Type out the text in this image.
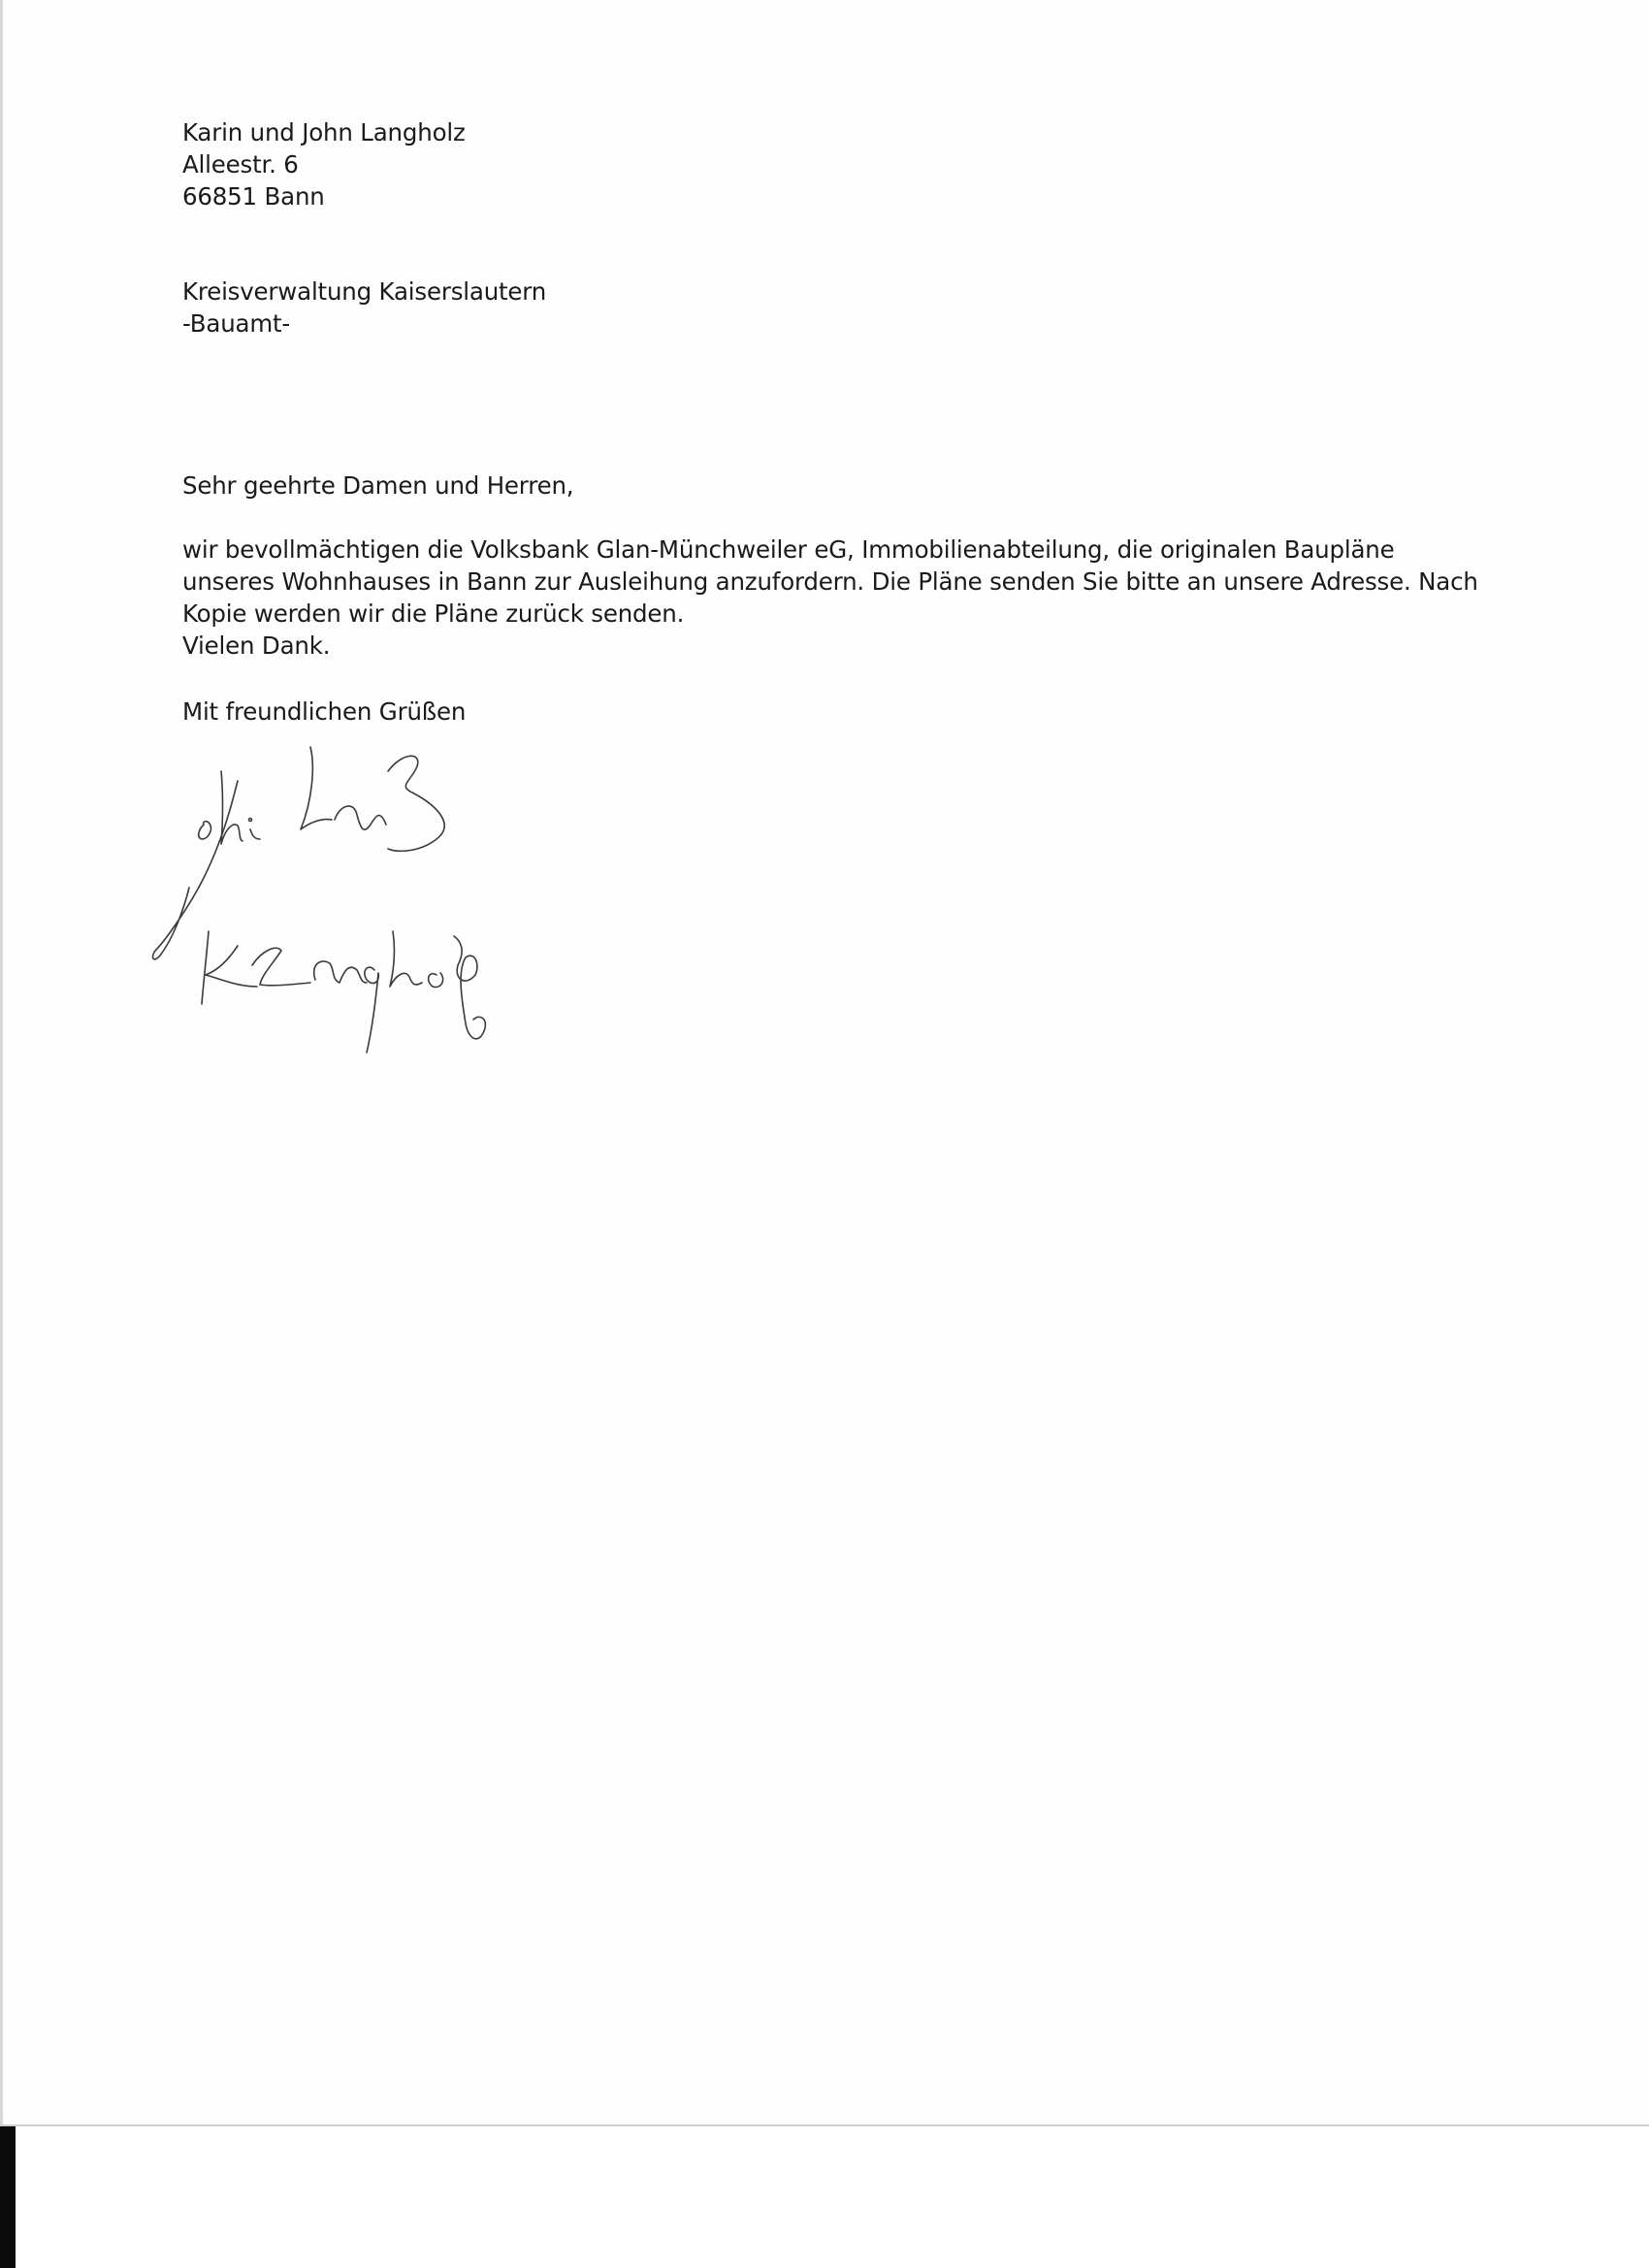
Karin und John Langholz
Alleestr. 6
66851 Bann
Kreisverwaltung Kaiserslautern
-Bauamt-
Sehr geehrte Damen und Herren,
wir bevollmächtigen die Volksbank Glan-Münchweiler eG, Immobilienabteilung, die originalen Baupläne
unseres Wohnhauses in Bann zur Ausleihung anzufordern. Die Pläne senden Sie bitte an unsere Adresse. Nach
Kopie werden wir die Pläne zurück senden.
Vielen Dank.
Mit freundlichen Grüßen
